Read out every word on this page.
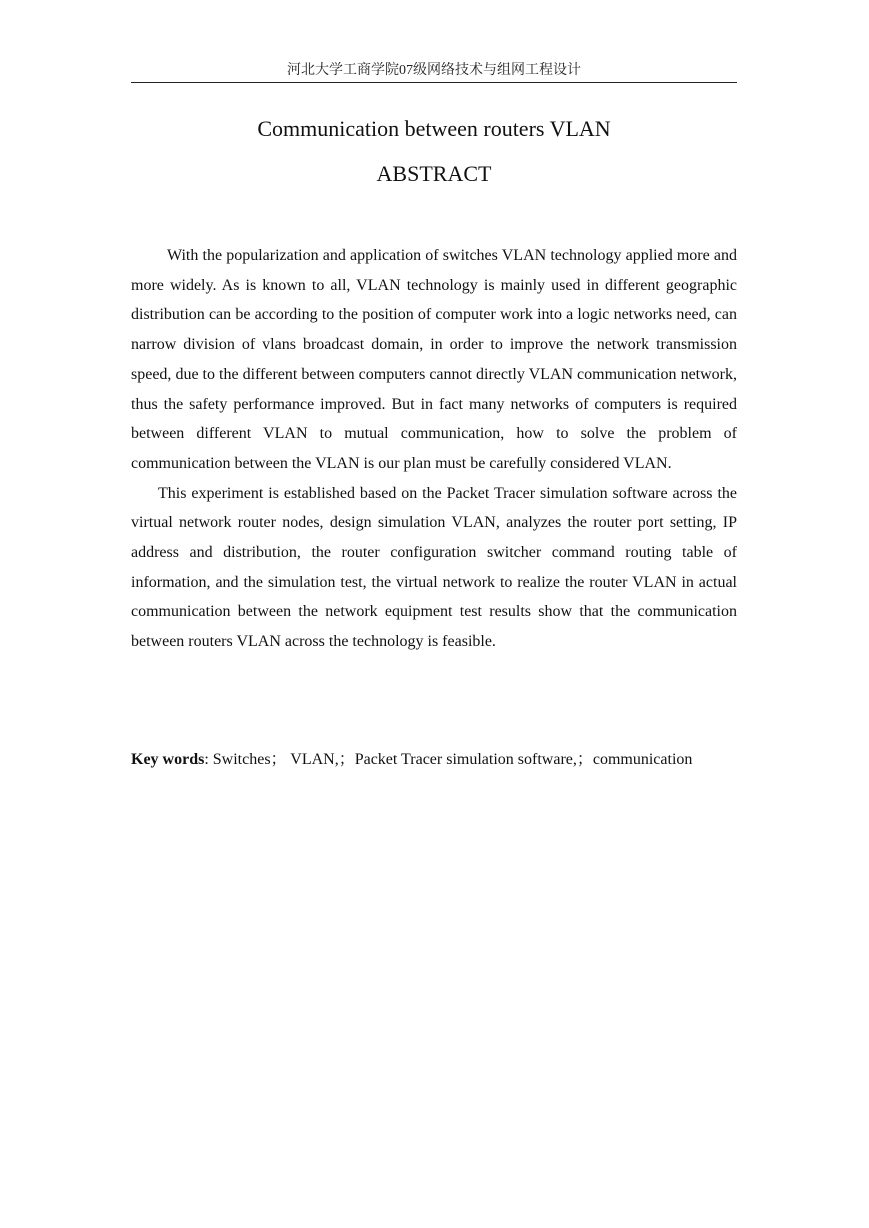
河北大学工商学院07级网络技术与组网工程设计
Communication between routers VLAN
ABSTRACT

With the popularization and application of switches VLAN technology applied more and more widely. As is known to all, VLAN technology is mainly used in different geographic distribution can be according to the position of computer work into a logic networks need, can narrow division of vlans broadcast domain, in order to improve the network transmission speed, due to the different between computers cannot directly VLAN communication network, thus the safety performance improved. But in fact many networks of computers is required between different VLAN to mutual communication, how to solve the problem of communication between the VLAN is our plan must be carefully considered VLAN.

This experiment is established based on the Packet Tracer simulation software across the virtual network router nodes, design simulation VLAN, analyzes the router port setting, IP address and distribution, the router configuration switcher command routing table of information, and the simulation test, the virtual network to realize the router VLAN in actual communication between the network equipment test results show that the communication between routers VLAN across the technology is feasible.

Key words: Switches； VLAN,；Packet Tracer simulation software,；communication
